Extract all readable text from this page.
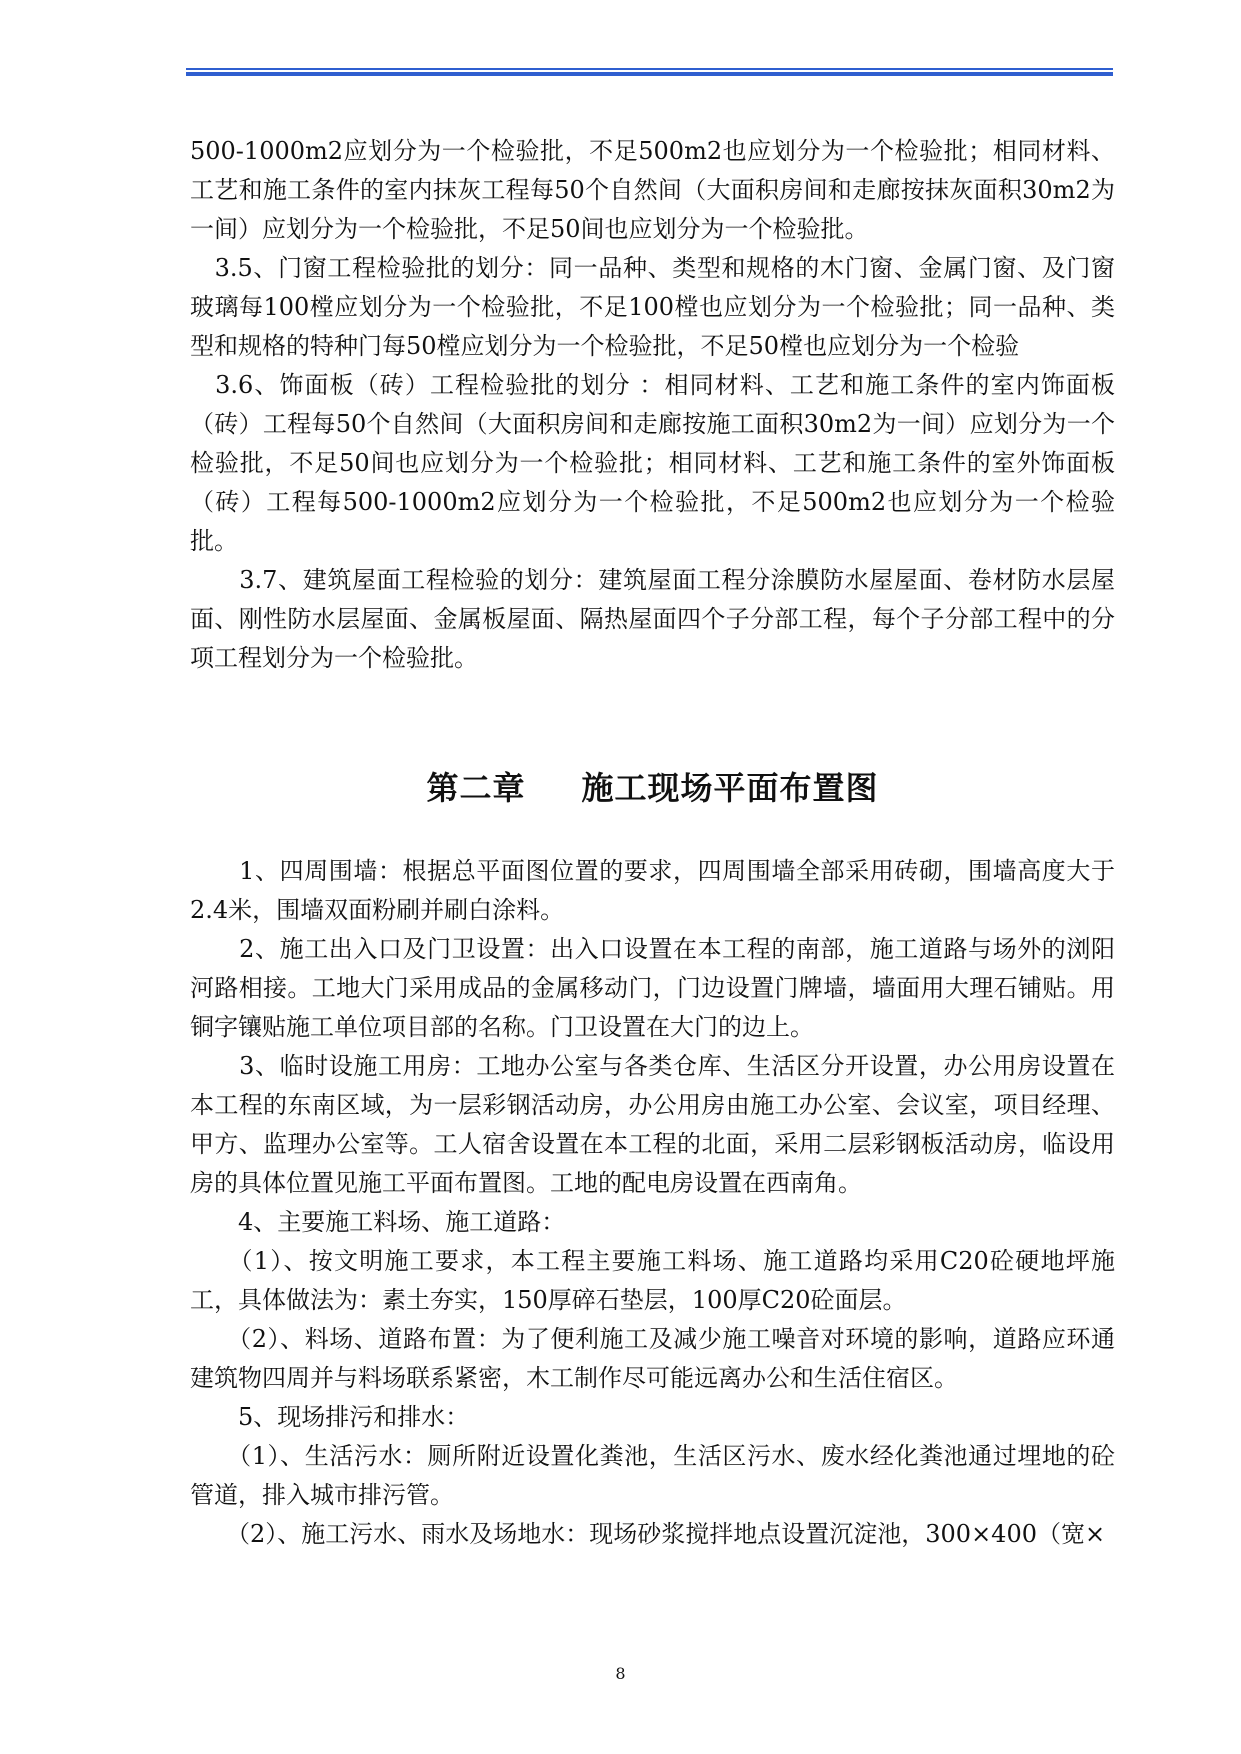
500-1000m2应划分为一个检验批，不足500m2也应划分为一个检验批；相同材料、工艺和施工条件的室内抹灰工程每50个自然间（大面积房间和走廊按抹灰面积30m2为一间）应划分为一个检验批，不足50间也应划分为一个检验批。

　3.5、门窗工程检验批的划分：同一品种、类型和规格的木门窗、金属门窗、及门窗玻璃每100樘应划分为一个检验批，不足100樘也应划分为一个检验批；同一品种、类型和规格的特种门每50樘应划分为一个检验批，不足50樘也应划分为一个检验

　3.6、饰面板（砖）工程检验批的划分 ：相同材料、工艺和施工条件的室内饰面板（砖）工程每50个自然间（大面积房间和走廊按施工面积30m2为一间）应划分为一个检验批，不足50间也应划分为一个检验批；相同材料、工艺和施工条件的室外饰面板（砖）工程每500-1000m2应划分为一个检验批，不足500m2也应划分为一个检验批。

　　3.7、建筑屋面工程检验的划分：建筑屋面工程分涂膜防水屋屋面、卷材防水层屋面、刚性防水层屋面、金属板屋面、隔热屋面四个子分部工程，每个子分部工程中的分项工程划分为一个检验批。

第二章 施工现场平面布置图

　　1、四周围墙：根据总平面图位置的要求，四周围墙全部采用砖砌，围墙高度大于2.4米，围墙双面粉刷并刷白涂料。

　　2、施工出入口及门卫设置：出入口设置在本工程的南部，施工道路与场外的浏阳河路相接。工地大门采用成品的金属移动门，门边设置门牌墙，墙面用大理石铺贴。用铜字镶贴施工单位项目部的名称。门卫设置在大门的边上。

　　3、临时设施工用房：工地办公室与各类仓库、生活区分开设置，办公用房设置在本工程的东南区域，为一层彩钢活动房，办公用房由施工办公室、会议室，项目经理、甲方、监理办公室等。工人宿舍设置在本工程的北面，采用二层彩钢板活动房，临设用房的具体位置见施工平面布置图。工地的配电房设置在西南角。

　　4、主要施工料场、施工道路：

　　（1）、按文明施工要求，本工程主要施工料场、施工道路均采用C20砼硬地坪施工，具体做法为：素土夯实，150厚碎石垫层，100厚C20砼面层。

　　（2）、料场、道路布置：为了便利施工及减少施工噪音对环境的影响，道路应环通建筑物四周并与料场联系紧密，木工制作尽可能远离办公和生活住宿区。

　　5、现场排污和排水：

　　（1）、生活污水：厕所附近设置化粪池，生活区污水、废水经化粪池通过埋地的砼管道，排入城市排污管。

　　（2）、施工污水、雨水及场地水：现场砂浆搅拌地点设置沉淀池，300×400（宽×

8
